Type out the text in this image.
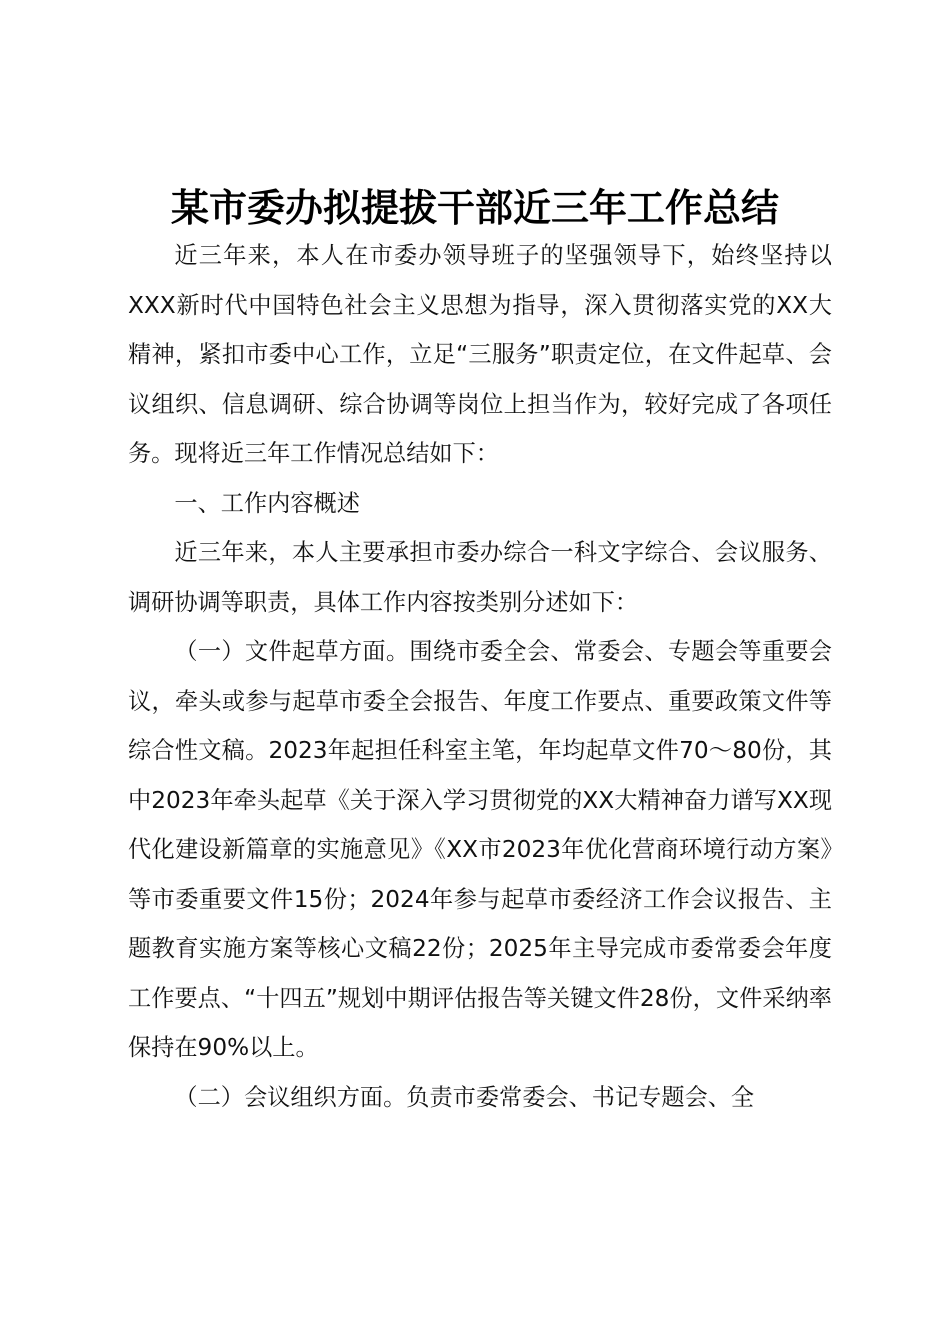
某市委办拟提拔干部近三年工作总结

近三年来，本人在市委办领导班子的坚强领导下，始终坚持以XXX新时代中国特色社会主义思想为指导，深入贯彻落实党的XX大精神，紧扣市委中心工作，立足“三服务”职责定位，在文件起草、会议组织、信息调研、综合协调等岗位上担当作为，较好完成了各项任务。现将近三年工作情况总结如下：

一、工作内容概述

近三年来，本人主要承担市委办综合一科文字综合、会议服务、调研协调等职责，具体工作内容按类别分述如下：

（一）文件起草方面。围绕市委全会、常委会、专题会等重要会议，牵头或参与起草市委全会报告、年度工作要点、重要政策文件等综合性文稿。2023年起担任科室主笔，年均起草文件70～80份，其中2023年牵头起草《关于深入学习贯彻党的XX大精神奋力谱写XX现代化建设新篇章的实施意见》《XX市2023年优化营商环境行动方案》等市委重要文件15份；2024年参与起草市委经济工作会议报告、主题教育实施方案等核心文稿22份；2025年主导完成市委常委会年度工作要点、“十四五”规划中期评估报告等关键文件28份，文件采纳率保持在90%以上。

（二）会议组织方面。负责市委常委会、书记专题会、全
